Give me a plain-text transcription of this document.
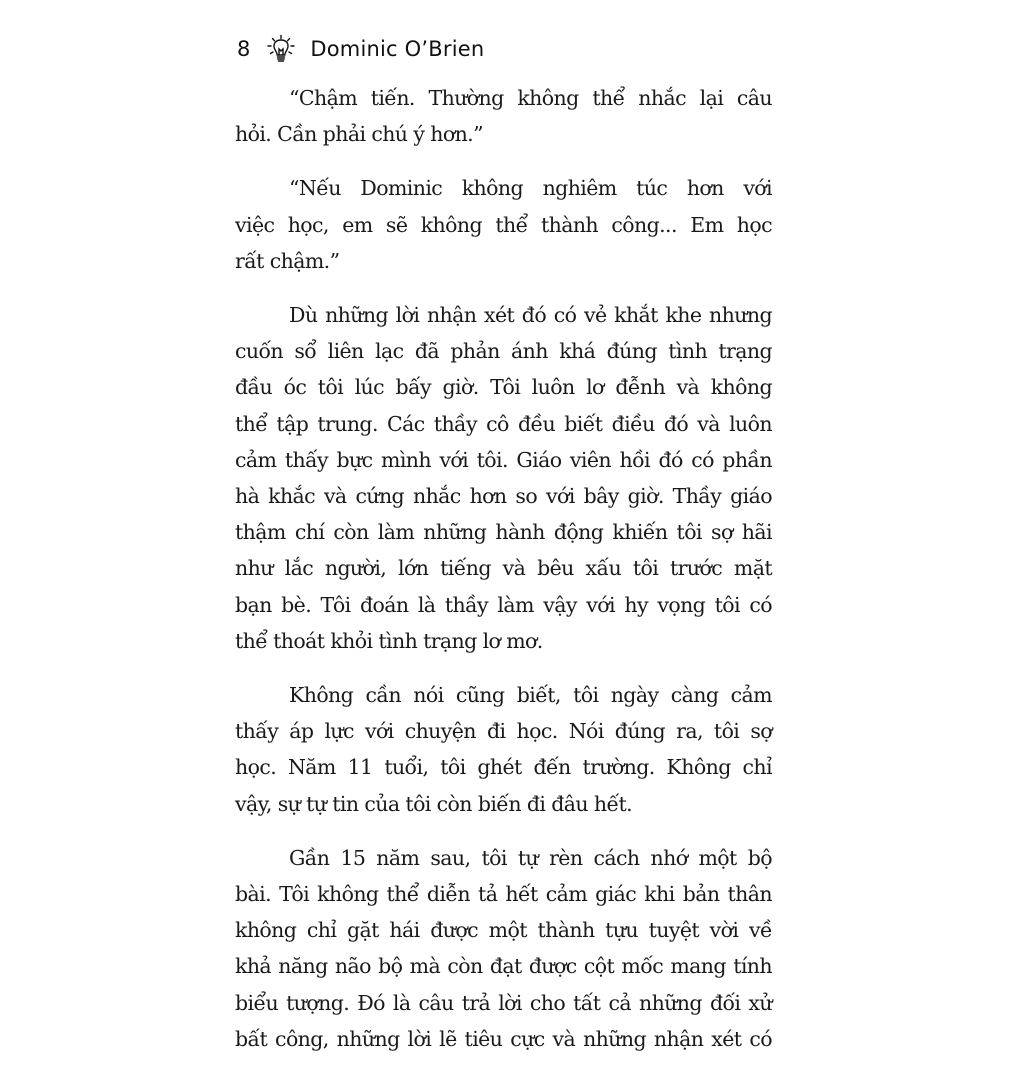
8	Dominic O’Brien

“Chậm tiến. Thường không thể nhắc lại câu
hỏi. Cần phải chú ý hơn.”

“Nếu Dominic không nghiêm túc hơn với
việc học, em sẽ không thể thành công... Em học
rất chậm.”

Dù những lời nhận xét đó có vẻ khắt khe nhưng
cuốn sổ liên lạc đã phản ánh khá đúng tình trạng
đầu óc tôi lúc bấy giờ. Tôi luôn lơ đễnh và không
thể tập trung. Các thầy cô đều biết điều đó và luôn
cảm thấy bực mình với tôi. Giáo viên hồi đó có phần
hà khắc và cứng nhắc hơn so với bây giờ. Thầy giáo
thậm chí còn làm những hành động khiến tôi sợ hãi
như lắc người, lớn tiếng và bêu xấu tôi trước mặt
bạn bè. Tôi đoán là thầy làm vậy với hy vọng tôi có
thể thoát khỏi tình trạng lơ mơ.

Không cần nói cũng biết, tôi ngày càng cảm
thấy áp lực với chuyện đi học. Nói đúng ra, tôi sợ
học. Năm 11 tuổi, tôi ghét đến trường. Không chỉ
vậy, sự tự tin của tôi còn biến đi đâu hết.

Gần 15 năm sau, tôi tự rèn cách nhớ một bộ
bài. Tôi không thể diễn tả hết cảm giác khi bản thân
không chỉ gặt hái được một thành tựu tuyệt vời về
khả năng não bộ mà còn đạt được cột mốc mang tính
biểu tượng. Đó là câu trả lời cho tất cả những đối xử
bất công, những lời lẽ tiêu cực và những nhận xét có
